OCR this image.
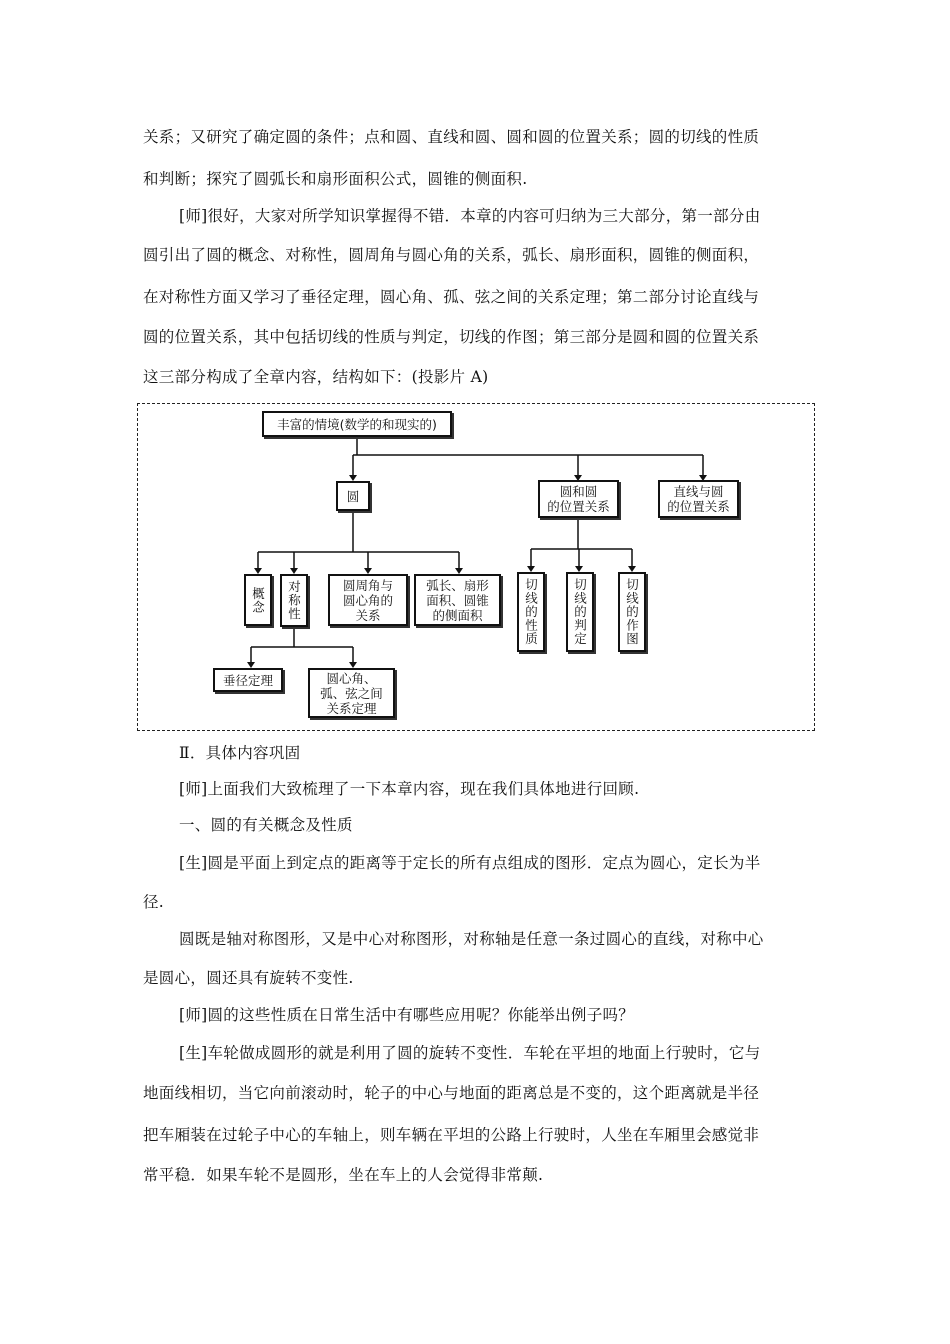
关系；又研究了确定圆的条件；点和圆、直线和圆、圆和圆的位置关系；圆的切线的性质
和判断；探究了圆弧长和扇形面积公式，圆锥的侧面积.
[师]很好，大家对所学知识掌握得不错．本章的内容可归纳为三大部分，第一部分由
圆引出了圆的概念、对称性，圆周角与圆心角的关系，弧长、扇形面积，圆锥的侧面积，
在对称性方面又学习了垂径定理，圆心角、孤、弦之间的关系定理；第二部分讨论直线与
圆的位置关系，其中包括切线的性质与判定，切线的作图；第三部分是圆和圆的位置关系
这三部分构成了全章内容，结构如下：(投影片 A)
丰富的情境(数学的和现实的)
圆	圆和圆
的位置关系
直线与圆
的位置关系
概念 对称性	圆周角与
圆心角的
关系
弧长、扇形
面积、圆锥
的侧面积	切线的性质	切线的判定	切线的作图
垂径定理	圆心角、
弧、弦之间
关系定理
Ⅱ．具体内容巩固
[师]上面我们大致梳理了一下本章内容，现在我们具体地进行回顾.
一、圆的有关概念及性质
[生]圆是平面上到定点的距离等于定长的所有点组成的图形．定点为圆心，定长为半
径.
圆既是轴对称图形，又是中心对称图形，对称轴是任意一条过圆心的直线，对称中心
是圆心，圆还具有旋转不变性.
[师]圆的这些性质在日常生活中有哪些应用呢？你能举出例子吗？
[生]车轮做成圆形的就是利用了圆的旋转不变性．车轮在平坦的地面上行驶时，它与
地面线相切，当它向前滚动时，轮子的中心与地面的距离总是不变的，这个距离就是半径
把车厢装在过轮子中心的车轴上，则车辆在平坦的公路上行驶时，人坐在车厢里会感觉非
常平稳．如果车轮不是圆形，坐在车上的人会觉得非常颠.
